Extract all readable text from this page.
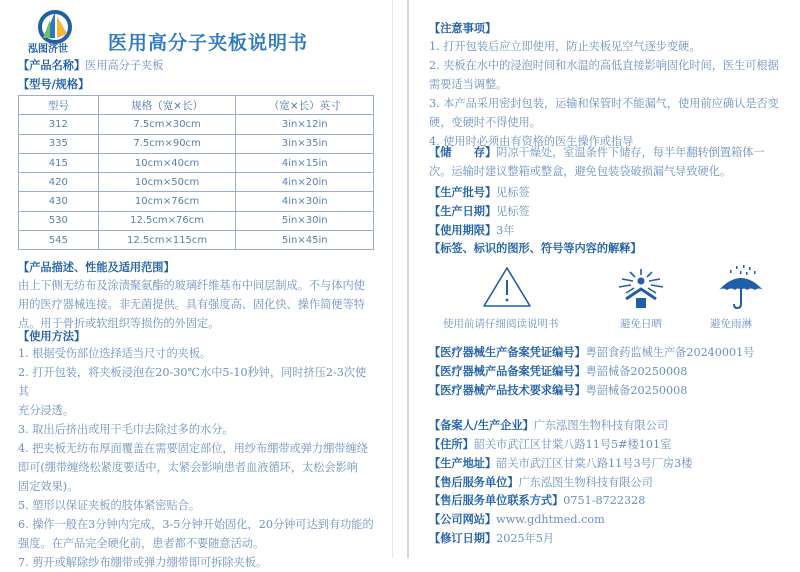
泓图济世 医用高分子夹板说明书
【产品名称】医用高分子夹板
【型号/规格】
型号	规格（宽×长）	（宽×长）英寸
312	7.5cm×30cm	3in×12in
335	7.5cm×90cm	3in×35in
415	10cm×40cm	4in×15in
420	10cm×50cm	4in×20in
430	10cm×76cm	4in×30in
530	12.5cm×76cm	5in×30in
545	12.5cm×115cm	5in×45in
【产品描述、性能及适用范围】
由上下侧无纺布及涂渍聚氨酯的玻璃纤维基布中间层制成。不与体内使
用的医疗器械连接。非无菌提供。具有强度高、固化快、操作简便等特
点。用于骨折或软组织等损伤的外固定。
【使用方法】
1. 根据受伤部位选择适当尺寸的夹板。
2. 打开包装，将夹板浸泡在20-30℃水中5-10秒钟，同时挤压2-3次使其
充分浸透。
3. 取出后挤出或用干毛巾去除过多的水分。
4. 把夹板无纺布厚面覆盖在需要固定部位，用纱布绷带或弹力绷带缠绕
即可(绷带缠绕松紧度要适中，太紧会影响患者血液循环，太松会影响
固定效果)。
5. 塑形以保证夹板的肢体紧密贴合。
6. 操作一般在3分钟内完成，3-5分钟开始固化，20分钟可达到有功能的
强度。在产品完全硬化前，患者都不要随意活动。
7. 剪开或解除纱布绷带或弹力绷带即可拆除夹板。
【注意事项】
1. 打开包装后应立即使用，防止夹板见空气逐步变硬。
2. 夹板在水中的浸泡时间和水温的高低直接影响固化时间，医生可根据
需要适当调整。
3. 本产品采用密封包装，运输和保管时不能漏气，使用前应确认是否变
硬，变硬时不得使用。
4. 使用时必须由有资格的医生操作或指导
【储　　存】阴凉干燥处，室温条件下储存，每半年翻转倒置箱体一
次。运输时建议整箱或整盒，避免包装袋破损漏气导致硬化。
【生产批号】见标签
【生产日期】见标签
【使用期限】3年
【标签、标识的图形、符号等内容的解释】
使用前请仔细阅读说明书	避免日晒	避免雨淋
【医疗器械生产备案凭证编号】粤韶食药监械生产备20240001号
【医疗器械产品备案凭证编号】粤韶械备20250008
【医疗器械产品技术要求编号】粤韶械备20250008
【备案人/生产企业】广东泓图生物科技有限公司
【住所】韶关市武江区甘棠八路11号5#楼101室
【生产地址】韶关市武江区甘棠八路11号3号厂房3楼
【售后服务单位】广东泓图生物科技有限公司
【售后服务单位联系方式】0751-8722328
【公司网站】www.gdhtmed.com
【修订日期】2025年5月
